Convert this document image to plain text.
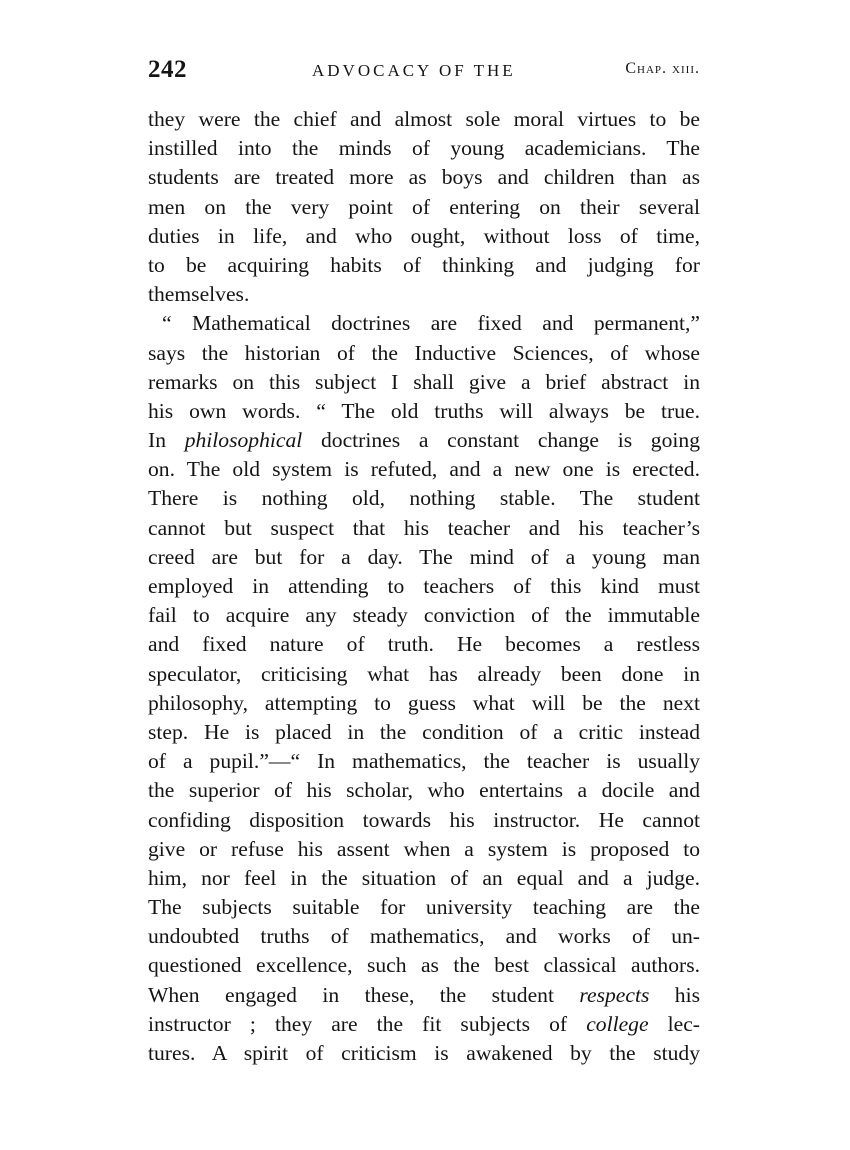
242	ADVOCACY OF THE	Chap. xiii.
they were the chief and almost sole moral virtues to be
instilled into the minds of young academicians. The
students are treated more as boys and children than as
men on the very point of entering on their several
duties in life, and who ought, without loss of time,
to be acquiring habits of thinking and judging for
themselves.
“ Mathematical doctrines are fixed and permanent,”
says the historian of the Inductive Sciences, of whose
remarks on this subject I shall give a brief abstract in
his own words. “ The old truths will always be true.
In philosophical doctrines a constant change is going
on. The old system is refuted, and a new one is erected.
There is nothing old, nothing stable. The student
cannot but suspect that his teacher and his teacher’s
creed are but for a day. The mind of a young man
employed in attending to teachers of this kind must
fail to acquire any steady conviction of the immutable
and fixed nature of truth. He becomes a restless
speculator, criticising what has already been done in
philosophy, attempting to guess what will be the next
step. He is placed in the condition of a critic instead
of a pupil.”—“ In mathematics, the teacher is usually
the superior of his scholar, who entertains a docile and
confiding disposition towards his instructor. He cannot
give or refuse his assent when a system is proposed to
him, nor feel in the situation of an equal and a judge.
The subjects suitable for university teaching are the
undoubted truths of mathematics, and works of un-
questioned excellence, such as the best classical authors.
When engaged in these, the student respects his
instructor ; they are the fit subjects of college lec-
tures. A spirit of criticism is awakened by the study
